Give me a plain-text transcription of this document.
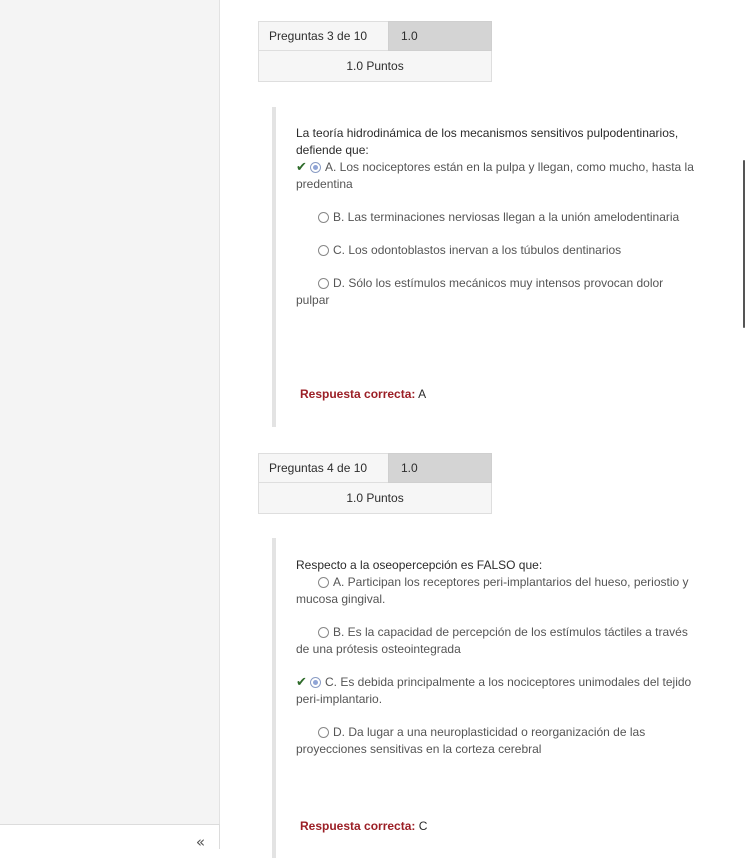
«
Preguntas 3 de 10	1.0
1.0 Puntos
La teoría hidrodinámica de los mecanismos sensitivos pulpodentinarios, defiende que:
✔ A. Los nociceptores están en la pulpa y llegan, como mucho, hasta la predentina
B. Las terminaciones nerviosas llegan a la unión amelodentinaria
C. Los odontoblastos inervan a los túbulos dentinarios
D. Sólo los estímulos mecánicos muy intensos provocan dolor pulpar
Respuesta correcta: A
Preguntas 4 de 10	1.0
1.0 Puntos
Respecto a la oseopercepción es FALSO que:
A. Participan los receptores peri-implantarios del hueso, periostio y mucosa gingival.
B. Es la capacidad de percepción de los estímulos táctiles a través de una prótesis osteointegrada
✔ C. Es debida principalmente a los nociceptores unimodales del tejido peri-implantario.
D. Da lugar a una neuroplasticidad o reorganización de las proyecciones sensitivas en la corteza cerebral
Respuesta correcta: C
